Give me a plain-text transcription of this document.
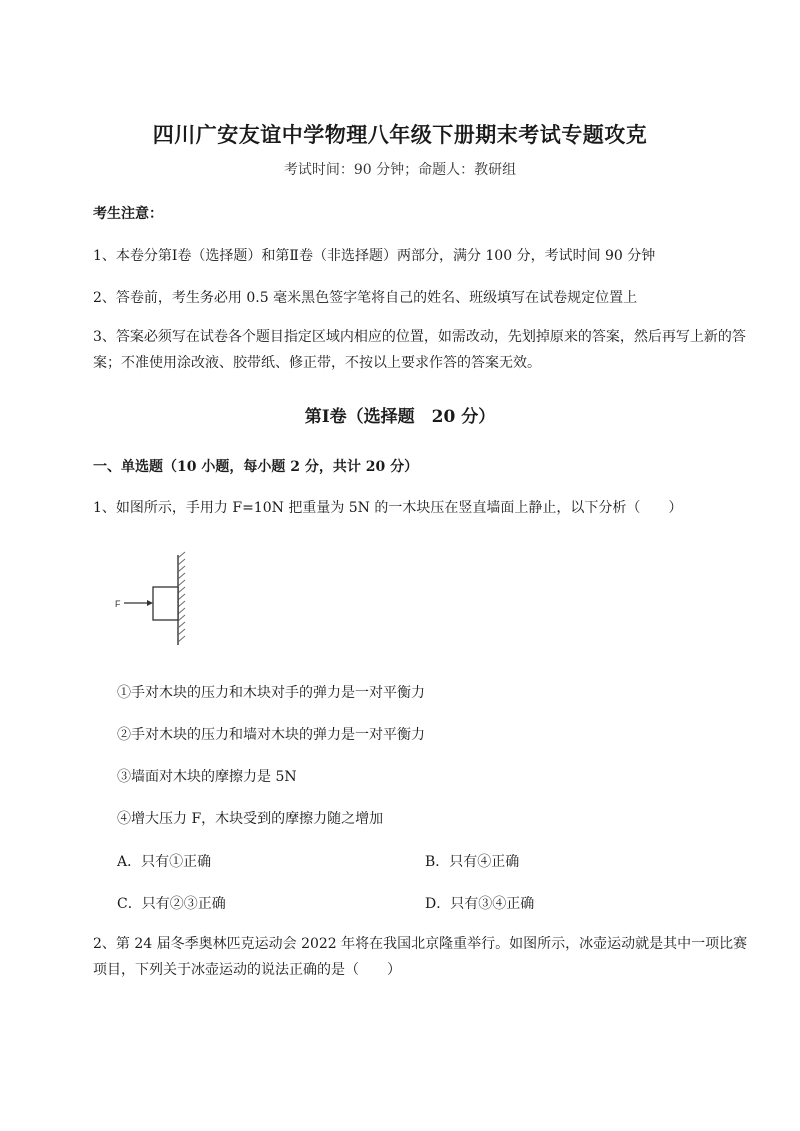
四川广安友谊中学物理八年级下册期末考试专题攻克
考试时间：90 分钟；命题人：教研组
考生注意：
1、本卷分第Ⅰ卷（选择题）和第Ⅱ卷（非选择题）两部分，满分 100 分，考试时间 90 分钟
2、答卷前，考生务必用 0.5 毫米黑色签字笔将自己的姓名、班级填写在试卷规定位置上
3、答案必须写在试卷各个题目指定区域内相应的位置，如需改动，先划掉原来的答案，然后再写上新的答案；不准使用涂改液、胶带纸、修正带，不按以上要求作答的答案无效。
第Ⅰ卷（选择题　20 分）
一、单选题（10 小题，每小题 2 分，共计 20 分）
1、如图所示，手用力 F=10N 把重量为 5N 的一木块压在竖直墙面上静止，以下分析（　　）
F
①手对木块的压力和木块对手的弹力是一对平衡力
②手对木块的压力和墙对木块的弹力是一对平衡力
③墙面对木块的摩擦力是 5N
④增大压力 F，木块受到的摩擦力随之增加
A．只有①正确	B．只有④正确
C．只有②③正确	D．只有③④正确
2、第 24 届冬季奥林匹克运动会 2022 年将在我国北京隆重举行。如图所示，冰壶运动就是其中一项比赛项目，下列关于冰壶运动的说法正确的是（　　）
